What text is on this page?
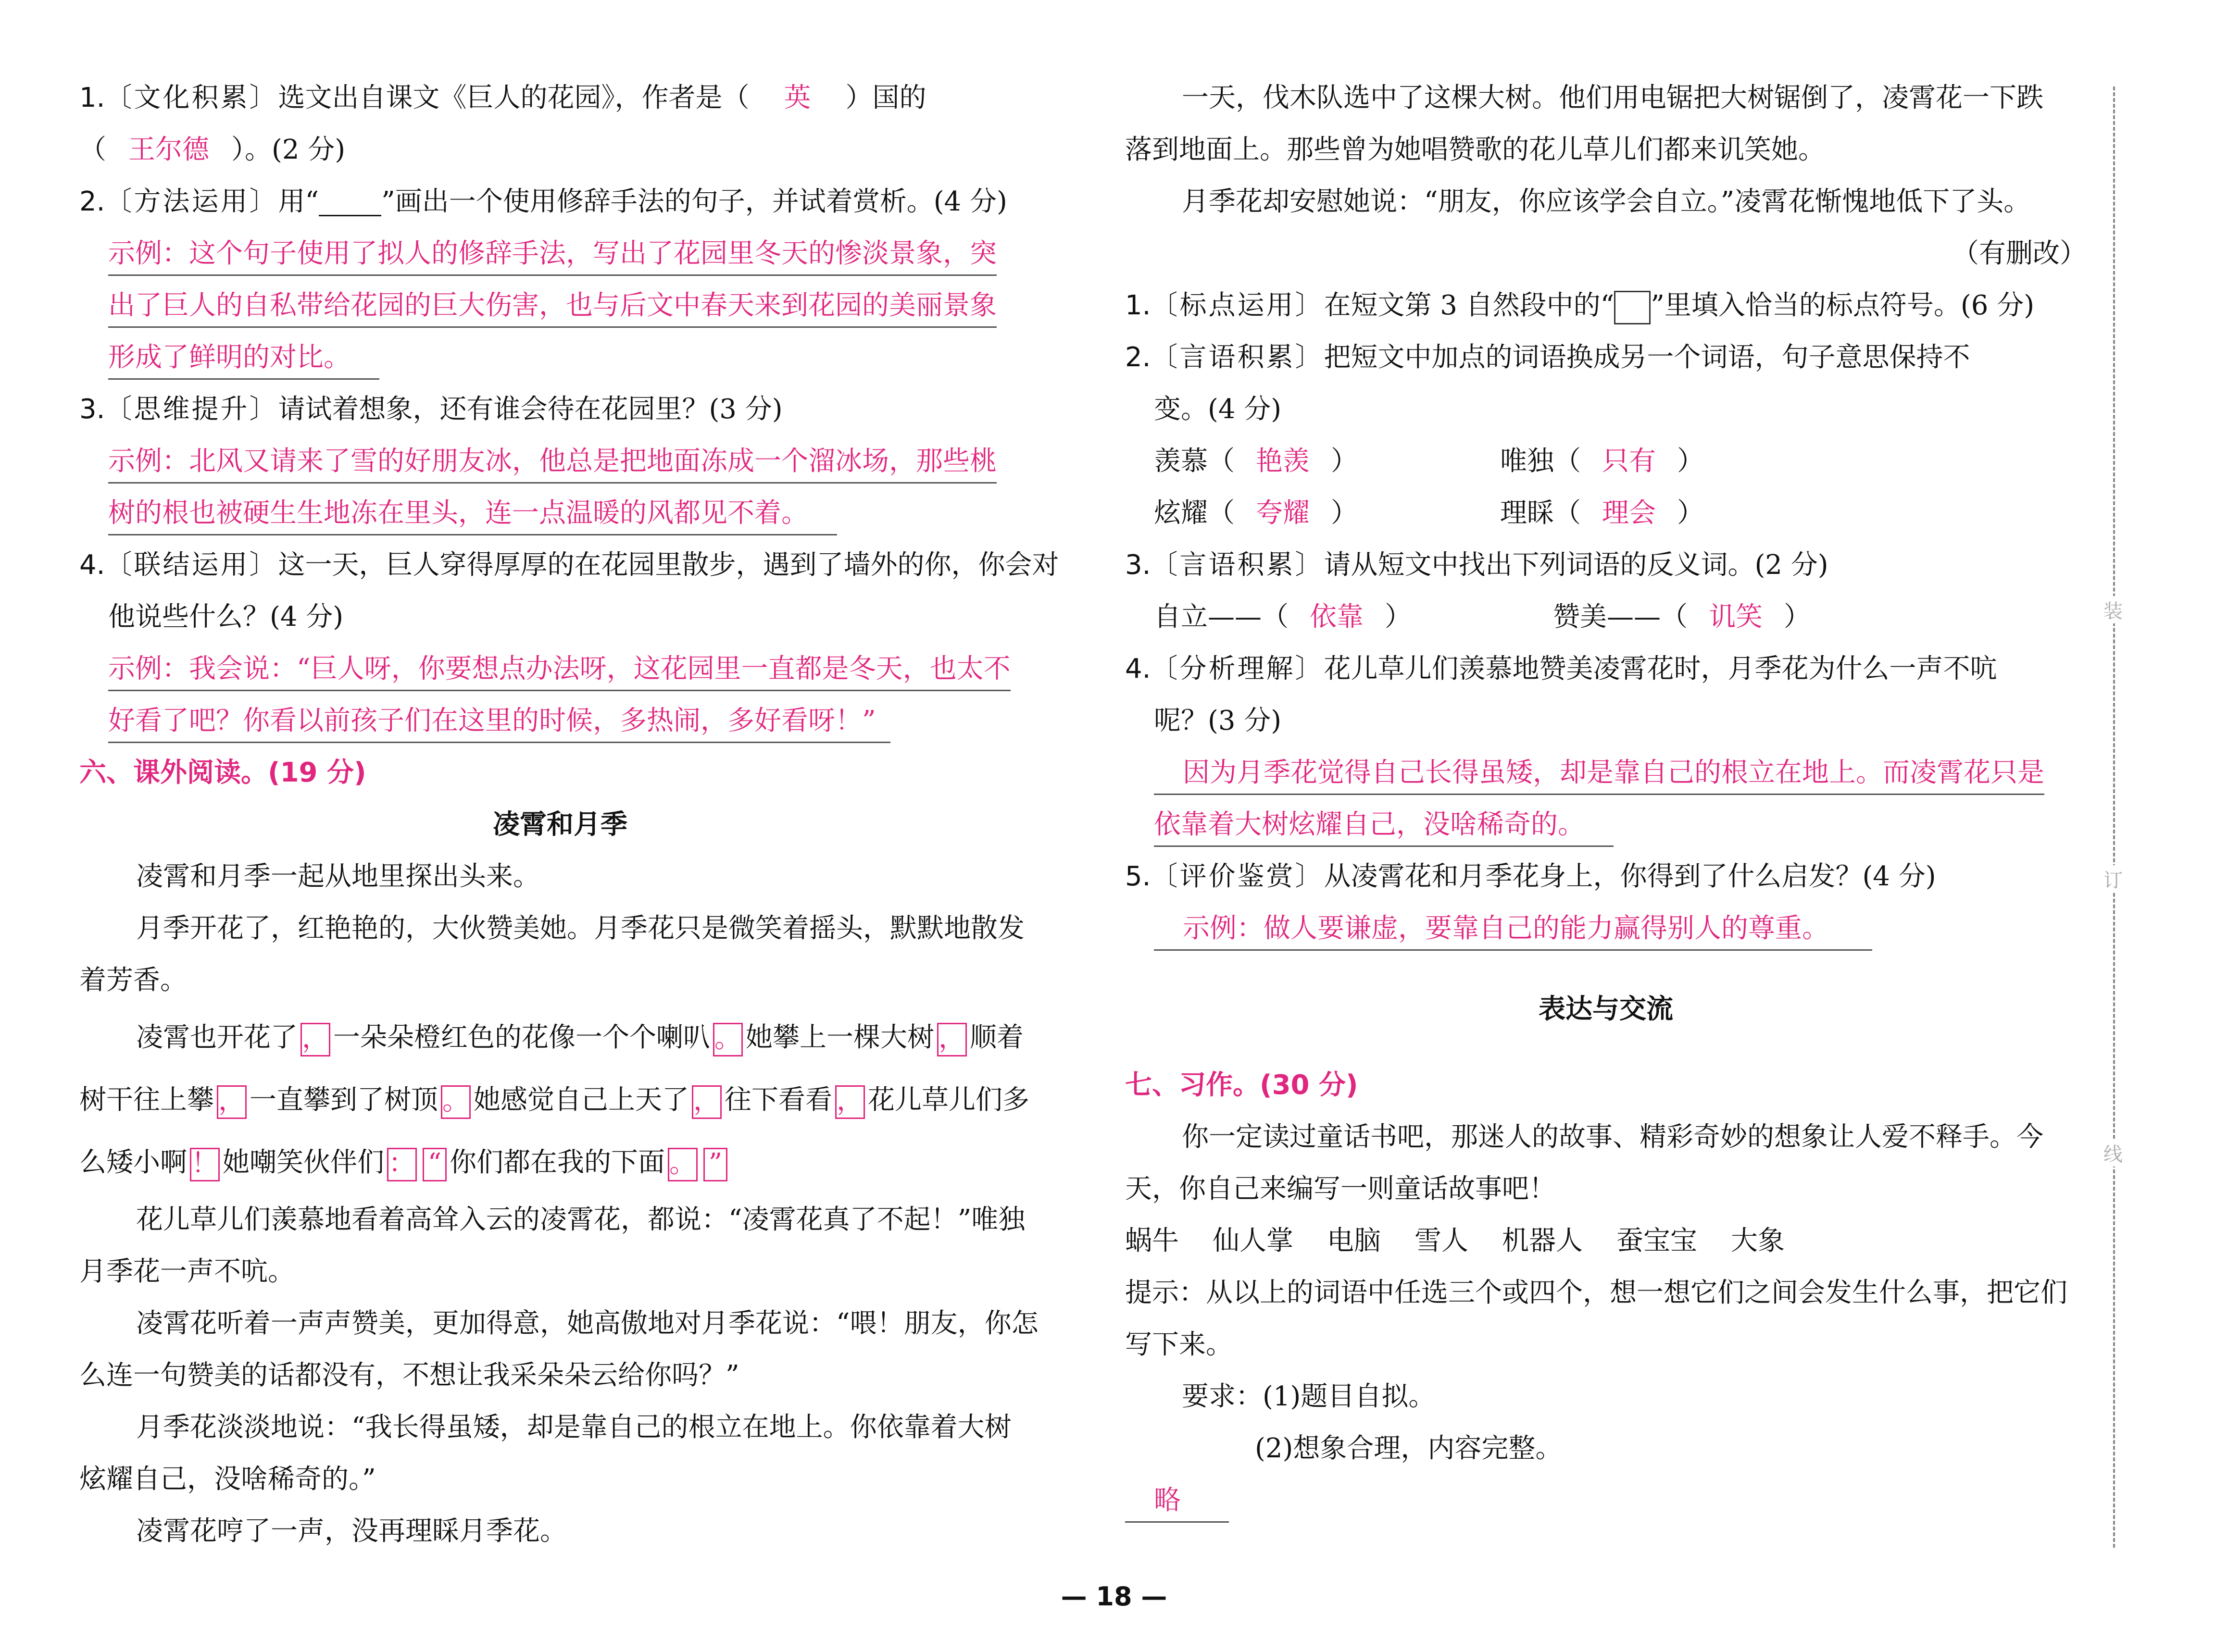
装
订
线
1.〔文化积累〕选文出自课文《巨人的花园》，作者是（ 英 ）国的
（ 王尔德 ）。(2 分)
2.〔方法运用〕用“ ”画出一个使用修辞手法的句子，并试着赏析。(4 分)
示例：这个句子使用了拟人的修辞手法，写出了花园里冬天的惨淡景象，突
出了巨人的自私带给花园的巨大伤害，也与后文中春天来到花园的美丽景象
形成了鲜明的对比。
3.〔思维提升〕请试着想象，还有谁会待在花园里？(3 分)
示例：北风又请来了雪的好朋友冰，他总是把地面冻成一个溜冰场，那些桃
树的根也被硬生生地冻在里头，连一点温暖的风都见不着。
4.〔联结运用〕这一天，巨人穿得厚厚的在花园里散步，遇到了墙外的你，你会对
他说些什么？(4 分)
示例：我会说：“巨人呀，你要想点办法呀，这花园里一直都是冬天，也太不
好看了吧？你看以前孩子们在这里的时候，多热闹，多好看呀！”
六、课外阅读。(19 分)
凌霄和月季
凌霄和月季一起从地里探出头来。
月季开花了，红艳艳的，大伙赞美她。月季花只是微笑着摇头，默默地散发
着芳香。
凌霄也开花了 ， 一朵朵橙红色的花像一个个喇叭 。 她攀上一棵大树 ， 顺着
树干往上攀 ， 一直攀到了树顶 。 她感觉自己上天了 ， 往下看看 ， 花儿草儿们多
么矮小啊 ！ 她嘲笑伙伴们 ： “ 你们都在我的下面 。 ”
花儿草儿们羡慕 • •地看着高耸入云的凌霄花，都说：“凌霄花真了不起！”唯独
月季花一声不吭。
凌霄花听着一声声赞美，更加得意，她高傲地对月季花说：“喂！朋友，你怎
么连一句赞美的话都没有，不想让我采朵朵云给你吗？”
月季花淡淡地说：“我长得虽矮，却是靠自己的根立在地上。你依靠着大树
炫耀 • •自己，没啥稀奇的。”
凌霄花哼了一声，没再理睬 • •月季花。
一天，伐木队选中了这棵大树。他们用电锯把大树锯倒了，凌霄花一下跌
落到地面上。那些曾为她唱赞歌的花儿草儿们都来讥笑她。
月季花却安慰她说：“朋友，你应该学会自立。”凌霄花惭愧地低下了头。
（有删改）
1.〔标点运用〕在短文第 3 自然段中的“ ”里填入恰当的标点符号。(6 分)
2.〔言语积累〕把短文中加点的词语换成另一个词语，句子意思保持不
变。(4 分)
羡慕（ 艳羡 ）	唯独（ 只有 ）
炫耀（ 夸耀 ）	理睬（ 理会 ）
3.〔言语积累〕请从短文中找出下列词语的反义词。(2 分)
自立——（ 依靠 ）	赞美——（ 讥笑 ）
4.〔分析理解〕花儿草儿们羡慕地赞美凌霄花时，月季花为什么一声不吭
呢？(3 分)
因为月季花觉得自己长得虽矮，却是靠自己的根立在地上。而凌霄花只是
依靠着大树炫耀自己，没啥稀奇的。
5.〔评价鉴赏〕从凌霄花和月季花身上，你得到了什么启发？(4 分)
示例：做人要谦虚，要靠自己的能力赢得别人的尊重。
表达与交流
七、习作。(30 分)
你一定读过童话书吧，那迷人的故事、精彩奇妙的想象让人爱不释手。今
天，你自己来编写一则童话故事吧！
蜗牛 仙人掌 电脑 雪人 机器人 蚕宝宝 大象
提示：从以上的词语中任选三个或四个，想一想它们之间会发生什么事，把它们
写下来。
要求：(1)题目自拟。
(2)想象合理，内容完整。
略
— 18 —
